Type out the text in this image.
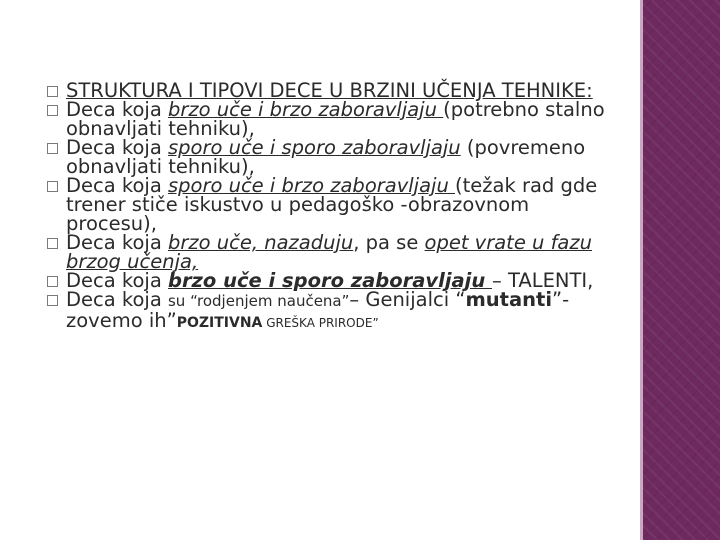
STRUKTURA I TIPOVI DECE U BRZINI UČENJA TEHNIKE:
Deca koja brzo uče i brzo zaboravljaju (potrebno stalno obnavljati tehniku),
Deca koja sporo uče i sporo zaboravljaju (povremeno obnavljati tehniku),
Deca koja sporo uče i brzo zaboravljaju (težak rad gde trener stiče iskustvo u pedagoško -obrazovnom procesu),
Deca koja brzo uče, nazaduju, pa se opet vrate u fazu brzog učenja,
Deca koja brzo uče i sporo zaboravljaju – TALENTI,
Deca koja su “rodjenjem naučena”– Genijalci “mutanti”- zovemo ih”POZITIVNA GREŠKA PRIRODE”
